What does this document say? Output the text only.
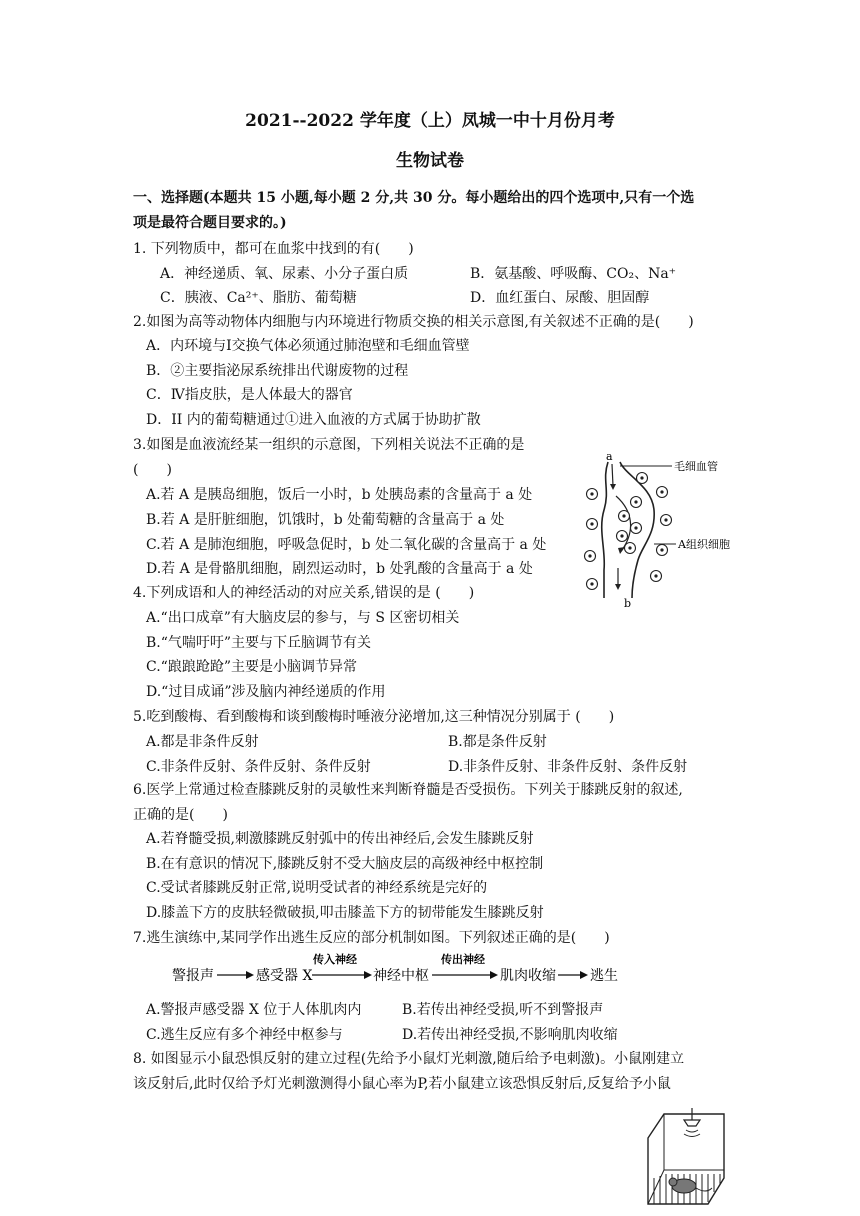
2021--2022 学年度（上）凤城一中十月份月考
生物试卷
一、选择题(本题共 15 小题,每小题 2 分,共 30 分。每小题给出的四个选项中,只有一个选
项是最符合题目要求的。)
1. 下列物质中，都可在血浆中找到的有(　　)
A．神经递质、氧、尿素、小分子蛋白质	B．氨基酸、呼吸酶、CO₂、Na⁺
C．胰液、Ca²⁺、脂肪、葡萄糖	D．血红蛋白、尿酸、胆固醇
2.如图为高等动物体内细胞与内环境进行物质交换的相关示意图,有关叙述不正确的是(　　)
A．内环境与Ⅰ交换气体必须通过肺泡壁和毛细血管壁
B．②主要指泌尿系统排出代谢废物的过程
C．Ⅳ指皮肤，是人体最大的器官
D．II 内的葡萄糖通过①进入血液的方式属于协助扩散
3.如图是血液流经某一组织的示意图，下列相关说法不正确的是
(　　)
A.若 A 是胰岛细胞，饭后一小时，b 处胰岛素的含量高于 a 处
B.若 A 是肝脏细胞，饥饿时，b 处葡萄糖的含量高于 a 处
C.若 A 是肺泡细胞，呼吸急促时，b 处二氧化碳的含量高于 a 处
D.若 A 是骨骼肌细胞，剧烈运动时，b 处乳酸的含量高于 a 处
a
b
毛细血管
A组织细胞
4.下列成语和人的神经活动的对应关系,错误的是 (　　)
A.“出口成章”有大脑皮层的参与，与 S 区密切相关
B.“气喘吁吁”主要与下丘脑调节有关
C.“踉踉跄跄”主要是小脑调节异常
D.“过目成诵”涉及脑内神经递质的作用
5.吃到酸梅、看到酸梅和谈到酸梅时唾液分泌增加,这三种情况分别属于 (　　)
A.都是非条件反射	B.都是条件反射
C.非条件反射、条件反射、条件反射	D.非条件反射、非条件反射、条件反射
6.医学上常通过检查膝跳反射的灵敏性来判断脊髓是否受损伤。下列关于膝跳反射的叙述,
正确的是(　　)
A.若脊髓受损,刺激膝跳反射弧中的传出神经后,会发生膝跳反射
B.在有意识的情况下,膝跳反射不受大脑皮层的高级神经中枢控制
C.受试者膝跳反射正常,说明受试者的神经系统是完好的
D.膝盖下方的皮肤轻微破损,叩击膝盖下方的韧带能发生膝跳反射
7.逃生演练中,某同学作出逃生反应的部分机制如图。下列叙述正确的是(　　)
警报声	感受器 X
传入神经
神经中枢
传出神经
肌肉收缩 逃生
A.警报声感受器 X 位于人体肌肉内	B.若传出神经受损,听不到警报声
C.逃生反应有多个神经中枢参与	D.若传出神经受损,不影响肌肉收缩
8. 如图显示小鼠恐惧反射的建立过程(先给予小鼠灯光刺激,随后给予电刺激)。小鼠刚建立
该反射后,此时仅给予灯光刺激测得小鼠心率为P,若小鼠建立该恐惧反射后,反复给予小鼠
